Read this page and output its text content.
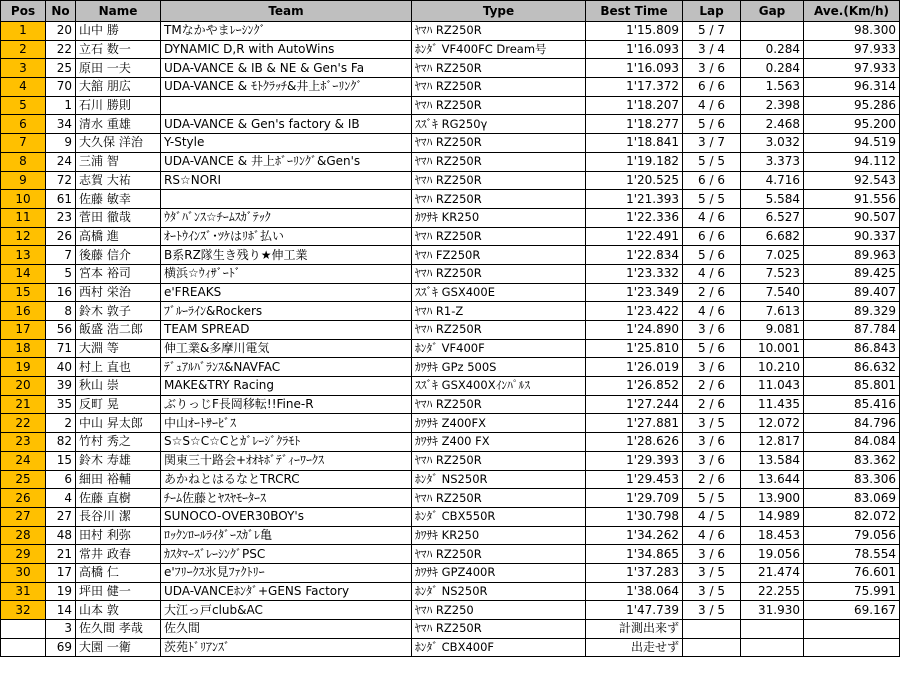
Pos	No	Name	Team	Type	Best Time	Lap	Gap	Ave.(Km/h)
1	20	山中 勝	TMなかやまﾚｰｼﾝｸﾞ	ﾔﾏﾊ RZ250R	1'15.809	5 / 7		98.300
2	22	立石 数一	DYNAMIC D,R with AutoWins	ﾎﾝﾀﾞ VF400FC Dream号	1'16.093	3 / 4	0.284	97.933
3	25	原田 一夫	UDA-VANCE & IB & NE & Gen's Fa	ﾔﾏﾊ RZ250R	1'16.093	3 / 6	0.284	97.933
4	70	大舘 朋広	UDA-VANCE & ﾓﾄｸﾗｯﾁ&井上ﾎﾞｰﾘﾝｸﾞ	ﾔﾏﾊ RZ250R	1'17.372	6 / 6	1.563	96.314
5	1	石川 勝則		ﾔﾏﾊ RZ250R	1'18.207	4 / 6	2.398	95.286
6	34	清水 重雄	UDA-VANCE & Gen's factory & IB	ｽｽﾞｷ RG250γ	1'18.277	5 / 6	2.468	95.200
7	9	大久保 洋治	Y-Style	ﾔﾏﾊ RZ250R	1'18.841	3 / 7	3.032	94.519
8	24	三浦 智	UDA-VANCE & 井上ﾎﾞｰﾘﾝｸﾞ&Gen's	ﾔﾏﾊ RZ250R	1'19.182	5 / 5	3.373	94.112
9	72	志賀 大祐	RS☆NORI	ﾔﾏﾊ RZ250R	1'20.525	6 / 6	4.716	92.543
10	61	佐藤 敏幸		ﾔﾏﾊ RZ250R	1'21.393	5 / 5	5.584	91.556
11	23	菅田 徹哉	ｳﾀﾞﾊﾞﾝｽ☆ﾁｰﾑｽｶﾞﾃｯｸ	ｶﾜｻｷ KR250	1'22.336	4 / 6	6.527	90.507
12	26	高橋 進	ｵｰﾄｳｲﾝｽﾞ･ﾂｹはﾘﾎﾞ払い	ﾔﾏﾊ RZ250R	1'22.491	6 / 6	6.682	90.337
13	7	後藤 信介	B系RZ隊生き残り★伸工業	ﾔﾏﾊ FZ250R	1'22.834	5 / 6	7.025	89.963
14	5	宮本 裕司	横浜☆ｳｨｻﾞｰﾄﾞ	ﾔﾏﾊ RZ250R	1'23.332	4 / 6	7.523	89.425
15	16	西村 栄治	e'FREAKS	ｽｽﾞｷ GSX400E	1'23.349	2 / 6	7.540	89.407
16	8	鈴木 敦子	ﾌﾞﾙｰﾗｲﾝ&Rockers	ﾔﾏﾊ R1-Z	1'23.422	4 / 6	7.613	89.329
17	56	飯盛 浩二郎	TEAM SPREAD	ﾔﾏﾊ RZ250R	1'24.890	3 / 6	9.081	87.784
18	71	大淵 等	伸工業&多摩川電気	ﾎﾝﾀﾞ VF400F	1'25.810	5 / 6	10.001	86.843
19	40	村上 直也	ﾃﾞｭｱﾙﾊﾞﾗﾝｽ&NAVFAC	ｶﾜｻｷ GPz 500S	1'26.019	3 / 6	10.210	86.632
20	39	秋山 崇	MAKE&TRY Racing	ｽｽﾞｷ GSX400Xｲﾝﾊﾟﾙｽ	1'26.852	2 / 6	11.043	85.801
21	35	反町 晃	ぶりっじF長岡移転!!Fine-R	ﾔﾏﾊ RZ250R	1'27.244	2 / 6	11.435	85.416
22	2	中山 昇太郎	中山ｵｰﾄｻｰﾋﾞｽ	ｶﾜｻｷ Z400FX	1'27.881	3 / 5	12.072	84.796
23	82	竹村 秀之	S☆S☆C☆Cとｶﾞﾚｰｼﾞｸﾗﾓﾄ	ｶﾜｻｷ Z400 FX	1'28.626	3 / 6	12.817	84.084
24	15	鈴木 寿雄	関東三十路会+ｵｵｷﾎﾞﾃﾞｨｰﾜｰｸｽ	ﾔﾏﾊ RZ250R	1'29.393	3 / 6	13.584	83.362
25	6	細田 裕輔	あかねとはるなとTRCRC	ﾎﾝﾀﾞ NS250R	1'29.453	2 / 6	13.644	83.306
26	4	佐藤 直樹	ﾁｰﾑ佐藤とﾔｽﾔﾓｰﾀｰｽ	ﾔﾏﾊ RZ250R	1'29.709	5 / 5	13.900	83.069
27	27	長谷川 潔	SUNOCO-OVER30BOY's	ﾎﾝﾀﾞ CBX550R	1'30.798	4 / 5	14.989	82.072
28	48	田村 利弥	ﾛｯｸﾝﾛｰﾙﾗｲﾀﾞｰｽｶﾞﾚ亀	ｶﾜｻｷ KR250	1'34.262	4 / 6	18.453	79.056
29	21	常井 政春	ｶｽﾀﾏｰｽﾞﾚｰｼﾝｸﾞPSC	ﾔﾏﾊ RZ250R	1'34.865	3 / 6	19.056	78.554
30	17	高橋 仁	e'ﾌﾘｰｸｽ氷見ﾌｧｸﾄﾘｰ	ｶﾜｻｷ GPZ400R	1'37.283	3 / 5	21.474	76.601
31	19	坪田 健一	UDA-VANCEﾎﾝﾀﾞ+GENS Factory	ﾎﾝﾀﾞ NS250R	1'38.064	3 / 5	22.255	75.991
32	14	山本 敦	大江っ戸club&AC	ﾔﾏﾊ RZ250	1'47.739	3 / 5	31.930	69.167
	3	佐久間 孝哉	佐久間	ﾔﾏﾊ RZ250R	計測出来ず			
	69	大園 一衛	茨苑ﾄﾞﾘｱﾝｽﾞ	ﾎﾝﾀﾞ CBX400F	出走せず			
